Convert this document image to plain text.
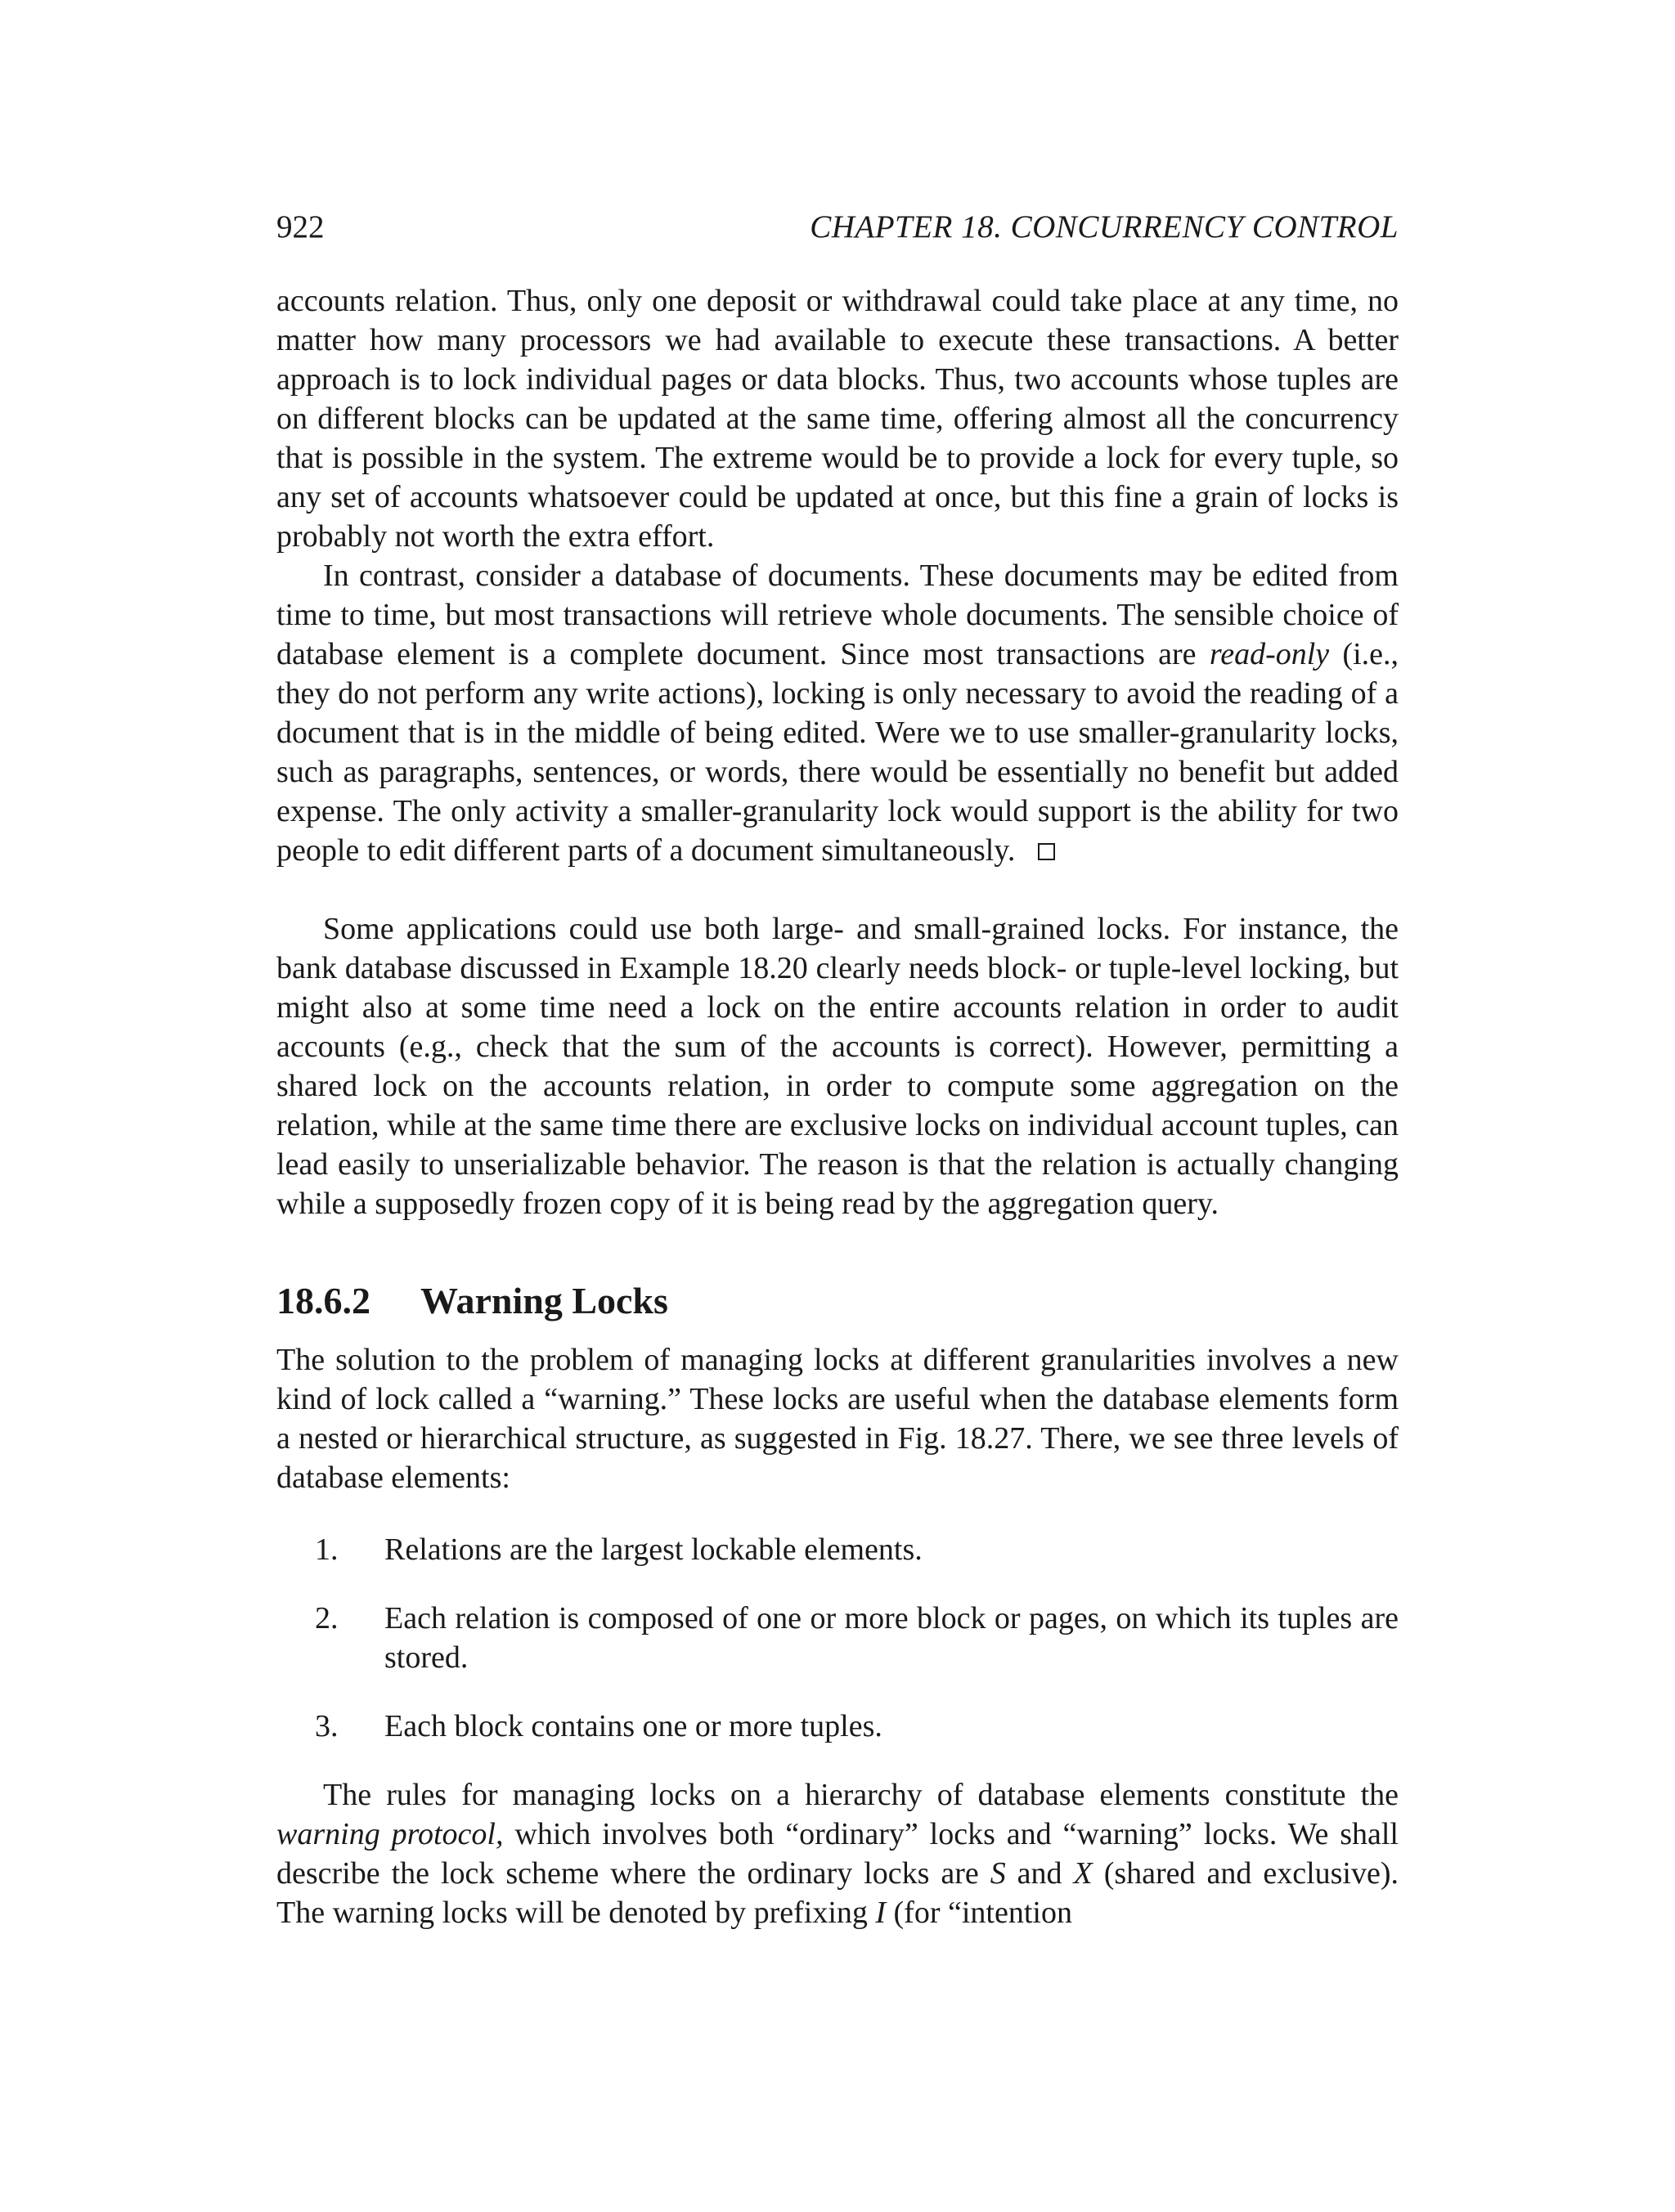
922	CHAPTER 18. CONCURRENCY CONTROL

accounts relation. Thus, only one deposit or withdrawal could take place at any time, no matter how many processors we had available to execute these transactions. A better approach is to lock individual pages or data blocks. Thus, two accounts whose tuples are on different blocks can be updated at the same time, offering almost all the concurrency that is possible in the system. The extreme would be to provide a lock for every tuple, so any set of accounts whatsoever could be updated at once, but this fine a grain of locks is probably not worth the extra effort.

In contrast, consider a database of documents. These documents may be edited from time to time, but most transactions will retrieve whole documents. The sensible choice of database element is a complete document. Since most transactions are read-only (i.e., they do not perform any write actions), locking is only necessary to avoid the reading of a document that is in the middle of being edited. Were we to use smaller-granularity locks, such as paragraphs, sentences, or words, there would be essentially no benefit but added expense. The only activity a smaller-granularity lock would support is the ability for two people to edit different parts of a document simultaneously.

Some applications could use both large- and small-grained locks. For instance, the bank database discussed in Example 18.20 clearly needs block- or tuple-level locking, but might also at some time need a lock on the entire accounts relation in order to audit accounts (e.g., check that the sum of the accounts is correct). However, permitting a shared lock on the accounts relation, in order to compute some aggregation on the relation, while at the same time there are exclusive locks on individual account tuples, can lead easily to unserializable behavior. The reason is that the relation is actually changing while a supposedly frozen copy of it is being read by the aggregation query.

18.6.2	Warning Locks

The solution to the problem of managing locks at different granularities involves a new kind of lock called a “warning.” These locks are useful when the database elements form a nested or hierarchical structure, as suggested in Fig. 18.27. There, we see three levels of database elements:

1.	Relations are the largest lockable elements.
2.	Each relation is composed of one or more block or pages, on which its tuples are stored.
3.	Each block contains one or more tuples.

The rules for managing locks on a hierarchy of database elements constitute the warning protocol, which involves both “ordinary” locks and “warning” locks. We shall describe the lock scheme where the ordinary locks are S and X (shared and exclusive). The warning locks will be denoted by prefixing I (for “intention
